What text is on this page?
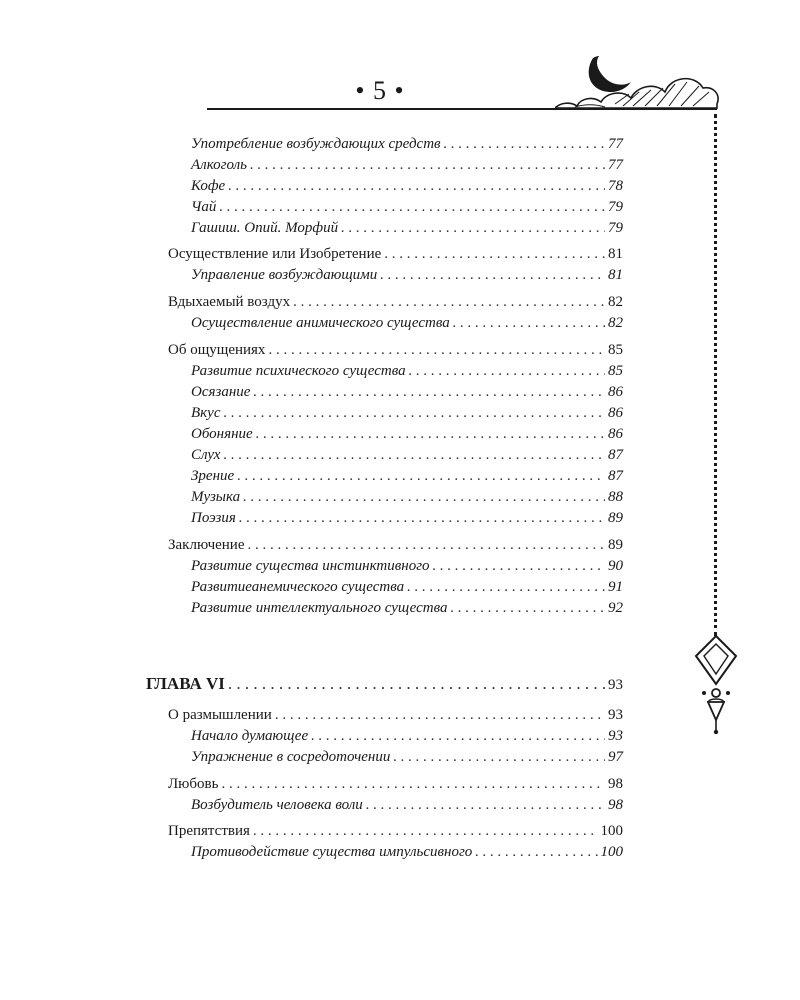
• 5 •
Употребление возбуждающих средств . . .	77
Алкоголь . . .	77
Кофе . . .	78
Чай . . .	79
Гашиш. Опий. Морфий . . .	79
Осуществление или Изобретение . . .	81
Управление возбуждающими . . .	81
Вдыхаемый воздух . . .	82
Осуществление анимического существа . . .	82
Об ощущениях . . .	85
Развитие психического существа . . .	85
Осязание . . .	86
Вкус . . .	86
Обоняние . . .	86
Слух . . .	87
Зрение . . .	87
Музыка . . .	88
Поэзия . . .	89
Заключение . . .	89
Развитие существа инстинктивного . . .	90
Развитиеанемического существа . . .	91
Развитие интеллектуального существа . . .	92
ГЛАВА VI . . .	93
О размышлении . . .	93
Начало думающее . . .	93
Упражнение в сосредоточении . . .	97
Любовь . . .	98
Возбудитель человека воли . . .	98
Препятствия . . .	100
Противодействие существа импульсивного . . .	100
